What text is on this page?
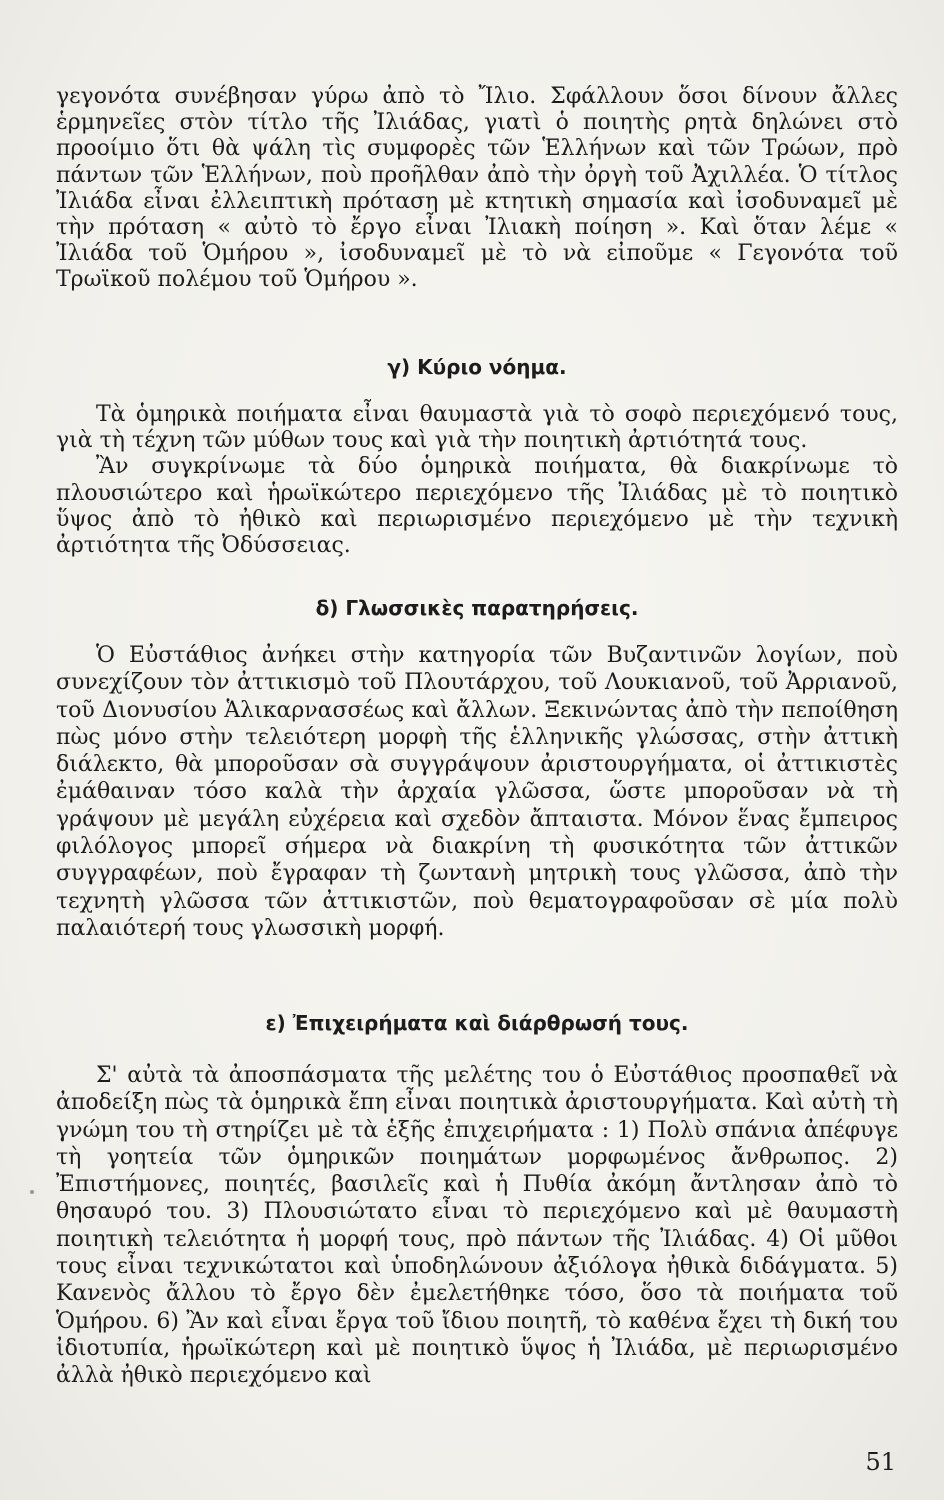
γεγονότα συνέβησαν γύρω ἀπὸ τὸ Ἴλιο. Σφάλλουν ὅσοι δίνουν ἄλλες ἑρμηνεῖες στὸν τίτλο τῆς Ἰλιάδας, γιατὶ ὁ ποιητὴς ρητὰ δηλώνει στὸ προοίμιο ὅτι θὰ ψάλη τὶς συμφορὲς τῶν Ἑλλήνων καὶ τῶν Τρώων, πρὸ πάντων τῶν Ἑλλήνων, ποὺ προῆλθαν ἀπὸ τὴν ὀργὴ τοῦ Ἀχιλλέα. Ὁ τίτλος Ἰλιάδα εἶναι ἐλλειπτικὴ πρόταση μὲ κτητικὴ σημασία καὶ ἰσοδυναμεῖ μὲ τὴν πρόταση « αὐτὸ τὸ ἔργο εἶναι Ἰλιακὴ ποίηση ». Καὶ ὅταν λέμε « Ἰλιάδα τοῦ Ὁμήρου », ἰσοδυναμεῖ μὲ τὸ νὰ εἰποῦμε « Γεγονότα τοῦ Τρωϊκοῦ πολέμου τοῦ Ὁμήρου ».

γ) Κύριο νόημα.

Τὰ ὁμηρικὰ ποιήματα εἶναι θαυμαστὰ γιὰ τὸ σοφὸ περιεχόμενό τους, γιὰ τὴ τέχνη τῶν μύθων τους καὶ γιὰ τὴν ποιητικὴ ἀρτιότητά τους.

Ἂν συγκρίνωμε τὰ δύο ὁμηρικὰ ποιήματα, θὰ διακρίνωμε τὸ πλουσιώτερο καὶ ἡρωϊκώτερο περιεχόμενο τῆς Ἰλιάδας μὲ τὸ ποιητικὸ ὕψος ἀπὸ τὸ ἠθικὸ καὶ περιωρισμένο περιεχόμενο μὲ τὴν τεχνικὴ ἀρτιότητα τῆς Ὀδύσσειας.

δ) Γλωσσικὲς παρατηρήσεις.

Ὁ Εὐστάθιος ἀνήκει στὴν κατηγορία τῶν Βυζαντινῶν λογίων, ποὺ συνεχίζουν τὸν ἀττικισμὸ τοῦ Πλουτάρχου, τοῦ Λουκιανοῦ, τοῦ Ἀρριανοῦ, τοῦ Διονυσίου Ἁλικαρνασσέως καὶ ἄλλων. Ξεκινώντας ἀπὸ τὴν πεποίθηση πὼς μόνο στὴν τελειότερη μορφὴ τῆς ἑλληνικῆς γλώσσας, στὴν ἀττικὴ διάλεκτο, θὰ μποροῦσαν σὰ συγγράψουν ἀριστουργήματα, οἱ ἀττικιστὲς ἐμάθαιναν τόσο καλὰ τὴν ἀρχαία γλῶσσα, ὥστε μποροῦσαν νὰ τὴ γράψουν μὲ μεγάλη εὐχέρεια καὶ σχεδὸν ἄπταιστα. Μόνον ἕνας ἔμπειρος φιλόλογος μπορεῖ σήμερα νὰ διακρίνη τὴ φυσικότητα τῶν ἀττικῶν συγγραφέων, ποὺ ἔγραφαν τὴ ζωντανὴ μητρικὴ τους γλῶσσα, ἀπὸ τὴν τεχνητὴ γλῶσσα τῶν ἀττικιστῶν, ποὺ θεματογραφοῦσαν σὲ μία πολὺ παλαιότερή τους γλωσσικὴ μορφή.

ε) Ἐπιχειρήματα καὶ διάρθρωσή τους.

Σ' αὐτὰ τὰ ἀποσπάσματα τῆς μελέτης του ὁ Εὐστάθιος προσπαθεῖ νὰ ἀποδείξη πὼς τὰ ὁμηρικὰ ἔπη εἶναι ποιητικὰ ἀριστουργήματα. Καὶ αὐτὴ τὴ γνώμη του τὴ στηρίζει μὲ τὰ ἑξῆς ἐπιχειρήματα : 1) Πολὺ σπάνια ἀπέφυγε τὴ γοητεία τῶν ὁμηρικῶν ποιημάτων μορφωμένος ἄνθρωπος. 2) Ἐπιστήμονες, ποιητές, βασιλεῖς καὶ ἡ Πυθία ἀκόμη ἄντλησαν ἀπὸ τὸ θησαυρό του. 3) Πλουσιώτατο εἶναι τὸ περιεχόμενο καὶ μὲ θαυμαστὴ ποιητικὴ τελειότητα ἡ μορφή τους, πρὸ πάντων τῆς Ἰλιάδας. 4) Οἱ μῦθοι τους εἶναι τεχνικώτατοι καὶ ὑποδηλώνουν ἀξιόλογα ἠθικὰ διδάγματα. 5) Κανενὸς ἄλλου τὸ ἔργο δὲν ἐμελετήθηκε τόσο, ὅσο τὰ ποιήματα τοῦ Ὁμήρου. 6) Ἂν καὶ εἶναι ἔργα τοῦ ἴδιου ποιητῆ, τὸ καθένα ἔχει τὴ δική του ἰδιοτυπία, ἡρωϊκώτερη καὶ μὲ ποιητικὸ ὕψος ἡ Ἰλιάδα, μὲ περιωρισμένο ἀλλὰ ἠθικὸ περιεχόμενο καὶ

51
